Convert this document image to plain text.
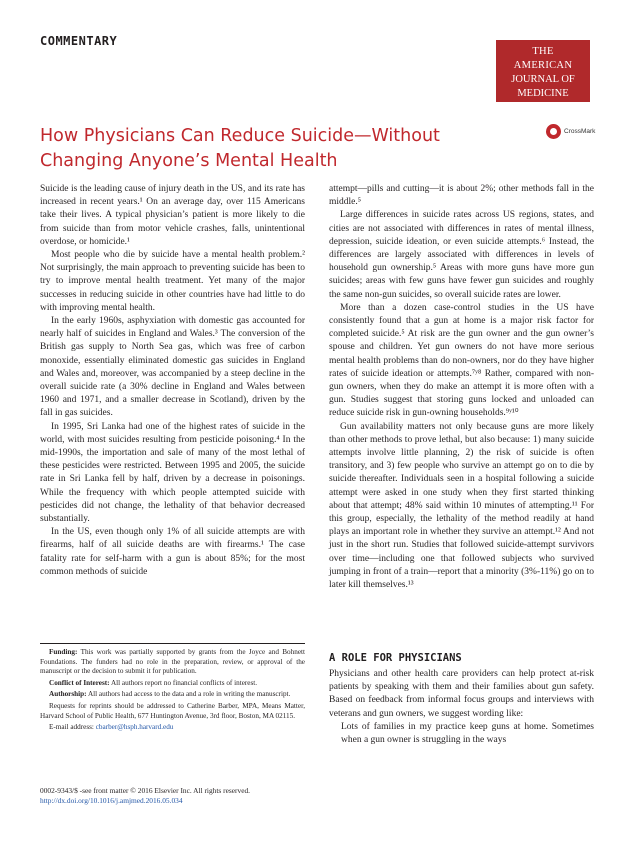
COMMENTARY
THE AMERICAN
JOURNAL OF
MEDICINE
How Physicians Can Reduce Suicide—Without Changing Anyone’s Mental Health
CrossMark

Suicide is the leading cause of injury death in the US, and its rate has increased in recent years.¹ On an average day, over 115 Americans take their lives. A typical physician’s patient is more likely to die from suicide than from motor vehicle crashes, falls, unintentional overdose, or homicide.¹

Most people who die by suicide have a mental health problem.² Not surprisingly, the main approach to preventing suicide has been to try to improve mental health treatment. Yet many of the major successes in reducing suicide in other countries have had little to do with improving mental health.

In the early 1960s, asphyxiation with domestic gas accounted for nearly half of suicides in England and Wales.³ The conversion of the British gas supply to North Sea gas, which was free of carbon monoxide, essentially eliminated domestic gas suicides in England and Wales and, moreover, was accompanied by a steep decline in the overall suicide rate (a 30% decline in England and Wales between 1960 and 1971, and a smaller decrease in Scotland), driven by the fall in gas suicides.

In 1995, Sri Lanka had one of the highest rates of suicide in the world, with most suicides resulting from pesticide poisoning.⁴ In the mid-1990s, the importation and sale of many of the most lethal of these pesticides were restricted. Between 1995 and 2005, the suicide rate in Sri Lanka fell by half, driven by a decrease in poisonings. While the frequency with which people attempted suicide with pesticides did not change, the lethality of that behavior decreased substantially.

In the US, even though only 1% of all suicide attempts are with firearms, half of all suicide deaths are with firearms.¹ The case fatality rate for self-harm with a gun is about 85%; for the most common methods of suicide

attempt—pills and cutting—it is about 2%; other methods fall in the middle.⁵

Large differences in suicide rates across US regions, states, and cities are not associated with differences in rates of mental illness, depression, suicide ideation, or even suicide attempts.⁶ Instead, the differences are largely associated with differences in levels of household gun ownership.⁵ Areas with more guns have more gun suicides; areas with few guns have fewer gun suicides and roughly the same non-gun suicides, so overall suicide rates are lower.

More than a dozen case-control studies in the US have consistently found that a gun at home is a major risk factor for completed suicide.⁵ At risk are the gun owner and the gun owner’s spouse and children. Yet gun owners do not have more serious mental health problems than do non-owners, nor do they have higher rates of suicide ideation or attempts.⁷ʸ⁸ Rather, compared with non-gun owners, when they do make an attempt it is more often with a gun. Studies suggest that storing guns locked and unloaded can reduce suicide risk in gun-owning households.⁹ʸ¹⁰

Gun availability matters not only because guns are more likely than other methods to prove lethal, but also because: 1) many suicide attempts involve little planning, 2) the risk of suicide is often transitory, and 3) few people who survive an attempt go on to die by suicide thereafter. Individuals seen in a hospital following a suicide attempt were asked in one study when they first started thinking about that attempt; 48% said within 10 minutes of attempting.¹¹ For this group, especially, the lethality of the method readily at hand plays an important role in whether they survive an attempt.¹² And not just in the short run. Studies that followed suicide-attempt survivors over time—including one that followed subjects who survived jumping in front of a train—report that a minority (3%-11%) go on to later kill themselves.¹³

A ROLE FOR PHYSICIANS

Physicians and other health care providers can help protect at-risk patients by speaking with them and their families about gun safety. Based on feedback from informal focus groups and interviews with veterans and gun owners, we suggest wording like:

Lots of families in my practice keep guns at home. Sometimes when a gun owner is struggling in the ways

Funding: This work was partially supported by grants from the Joyce and Bohnett Foundations. The funders had no role in the preparation, review, or approval of the manuscript or the decision to submit it for publication.

Conflict of Interest: All authors report no financial conflicts of interest.

Authorship: All authors had access to the data and a role in writing the manuscript.

Requests for reprints should be addressed to Catherine Barber, MPA, Means Matter, Harvard School of Public Health, 677 Huntington Avenue, 3rd floor, Boston, MA 02115.

E-mail address: cbarber@hsph.harvard.edu

0002-9343/$ -see front matter © 2016 Elsevier Inc. All rights reserved.
http://dx.doi.org/10.1016/j.amjmed.2016.05.034
